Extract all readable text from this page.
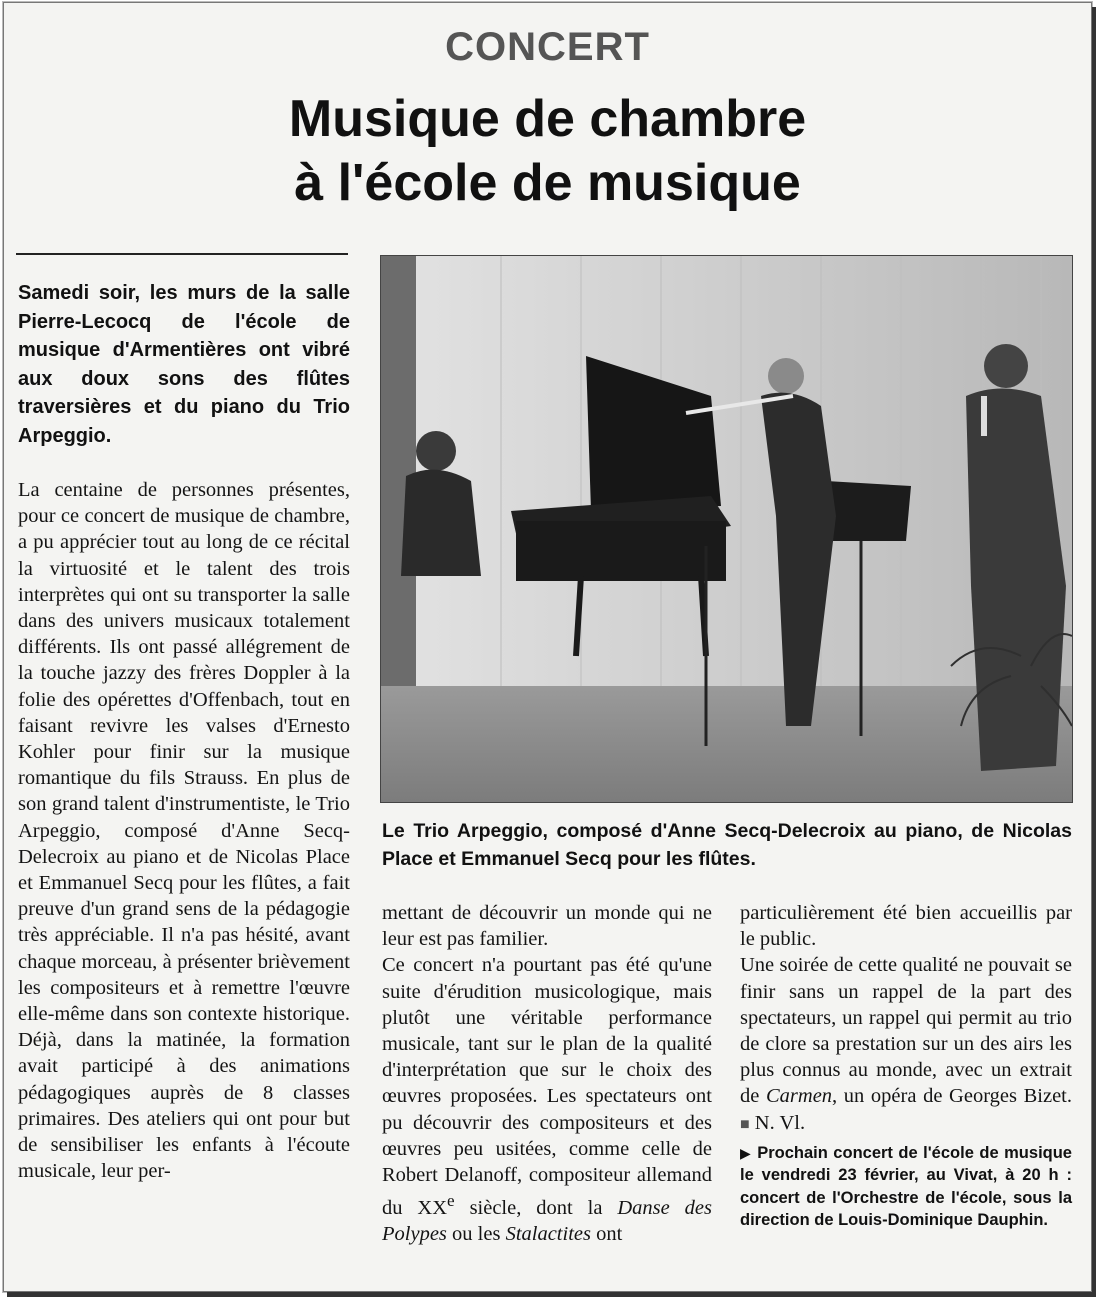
CONCERT
Musique de chambre
à l'école de musique
Samedi soir, les murs de la salle Pierre-Lecocq de l'école de musique d'Armentières ont vibré aux doux sons des flûtes traversières et du piano du Trio Arpeggio.

La centaine de personnes présentes, pour ce concert de musique de chambre, a pu apprécier tout au long de ce récital la virtuosité et le talent des trois interprètes qui ont su transporter la salle dans des univers musicaux totalement différents. Ils ont passé allégrement de la touche jazzy des frères Doppler à la folie des opérettes d'Offenbach, tout en faisant revivre les valses d'Ernesto Kohler pour finir sur la musique romantique du fils Strauss. En plus de son grand talent d'instrumentiste, le Trio Arpeggio, composé d'Anne Secq-Delecroix au piano et de Nicolas Place et Emmanuel Secq pour les flûtes, a fait preuve d'un grand sens de la pédagogie très appréciable. Il n'a pas hésité, avant chaque morceau, à présenter brièvement les compositeurs et à remettre l'œuvre elle-même dans son contexte historique. Déjà, dans la matinée, la formation avait participé à des animations pédagogiques auprès de 8 classes primaires. Des ateliers qui ont pour but de sensibiliser les enfants à l'écoute musicale, leur per-

Le Trio Arpeggio, composé d'Anne Secq-Delecroix au piano, de Nicolas Place et Emmanuel Secq pour les flûtes.

mettant de découvrir un monde qui ne leur est pas familier.

Ce concert n'a pourtant pas été qu'une suite d'érudition musicologique, mais plutôt une véritable performance musicale, tant sur le plan de la qualité d'interprétation que sur le choix des œuvres proposées. Les spectateurs ont pu découvrir des compositeurs et des œuvres peu usitées, comme celle de Robert Delanoff, compositeur allemand du XXe siècle, dont la Danse des Polypes ou les Stalactites ont

particulièrement été bien accueillis par le public.

Une soirée de cette qualité ne pouvait se finir sans un rappel de la part des spectateurs, un rappel qui permit au trio de clore sa prestation sur un des airs les plus connus au monde, avec un extrait de Carmen, un opéra de Georges Bizet. ■ N. Vl.

▶ Prochain concert de l'école de musique le vendredi 23 février, au Vivat, à 20 h : concert de l'Orchestre de l'école, sous la direction de Louis-Dominique Dauphin.
